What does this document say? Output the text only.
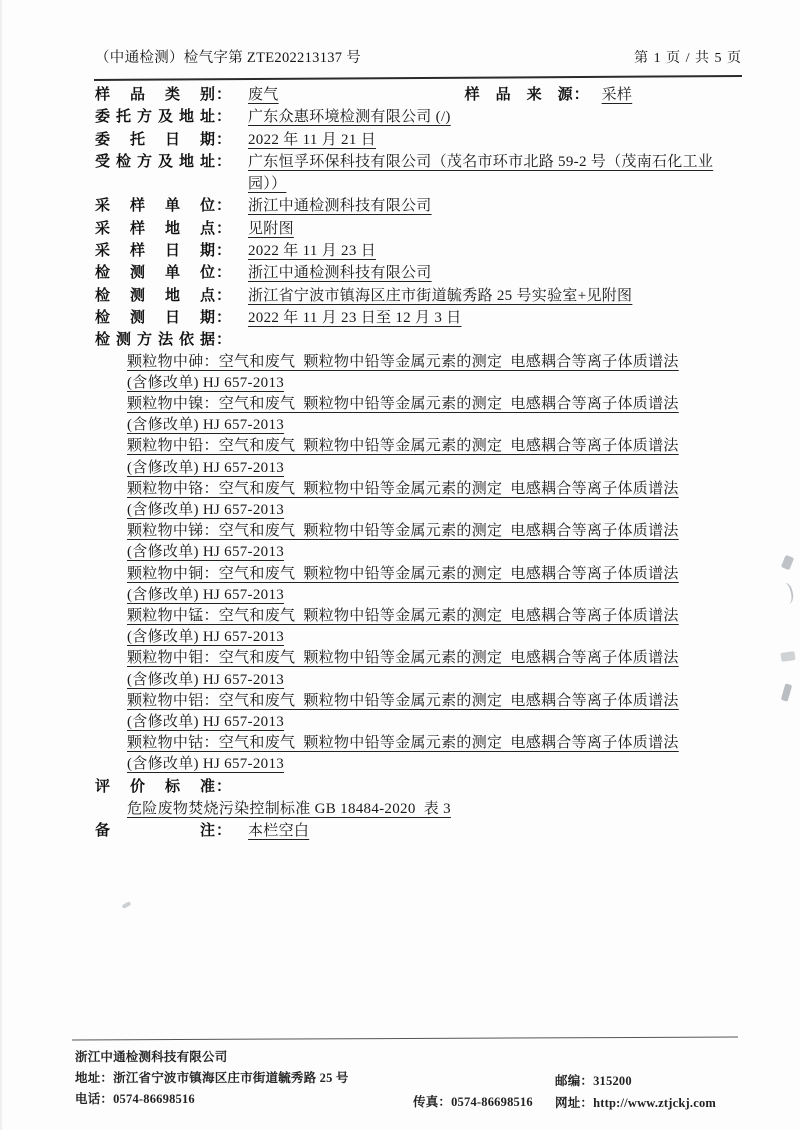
（中通检测）检气字第 ZTE202213137 号	第 1 页 / 共 5 页
样品类别： 废气	样品来源： 采样
委托方及地址： 广东众惠环境检测有限公司 (/)
委托日期： 2022 年 11 月 21 日
受检方及地址： 广东恒孚环保科技有限公司（茂名市环市北路 59-2 号（茂南石化工业园））
采样单位： 浙江中通检测科技有限公司
采样地点： 见附图
采样日期： 2022 年 11 月 23 日
检测单位： 浙江中通检测科技有限公司
检测地点： 浙江省宁波市镇海区庄市街道毓秀路 25 号实验室+见附图
检测日期： 2022 年 11 月 23 日至 12 月 3 日
检测方法依据：
颗粒物中砷：空气和废气  颗粒物中铅等金属元素的测定  电感耦合等离子体质谱法
(含修改单) HJ 657-2013
颗粒物中镍：空气和废气  颗粒物中铅等金属元素的测定  电感耦合等离子体质谱法
(含修改单) HJ 657-2013
颗粒物中铅：空气和废气  颗粒物中铅等金属元素的测定  电感耦合等离子体质谱法
(含修改单) HJ 657-2013
颗粒物中铬：空气和废气  颗粒物中铅等金属元素的测定  电感耦合等离子体质谱法
(含修改单) HJ 657-2013
颗粒物中锑：空气和废气  颗粒物中铅等金属元素的测定  电感耦合等离子体质谱法
(含修改单) HJ 657-2013
颗粒物中铜：空气和废气  颗粒物中铅等金属元素的测定  电感耦合等离子体质谱法
(含修改单) HJ 657-2013
颗粒物中锰：空气和废气  颗粒物中铅等金属元素的测定  电感耦合等离子体质谱法
(含修改单) HJ 657-2013
颗粒物中钼：空气和废气  颗粒物中铅等金属元素的测定  电感耦合等离子体质谱法
(含修改单) HJ 657-2013
颗粒物中铝：空气和废气  颗粒物中铅等金属元素的测定  电感耦合等离子体质谱法
(含修改单) HJ 657-2013
颗粒物中钴：空气和废气  颗粒物中铅等金属元素的测定  电感耦合等离子体质谱法
(含修改单) HJ 657-2013
评价标准：
危险废物焚烧污染控制标准 GB 18484-2020  表 3
备注： 本栏空白
浙江中通检测科技有限公司
地址：浙江省宁波市镇海区庄市街道毓秀路 25 号	邮编：315200
电话：0574-86698516	传真：0574-86698516 网址：http://www.ztjckj.com
